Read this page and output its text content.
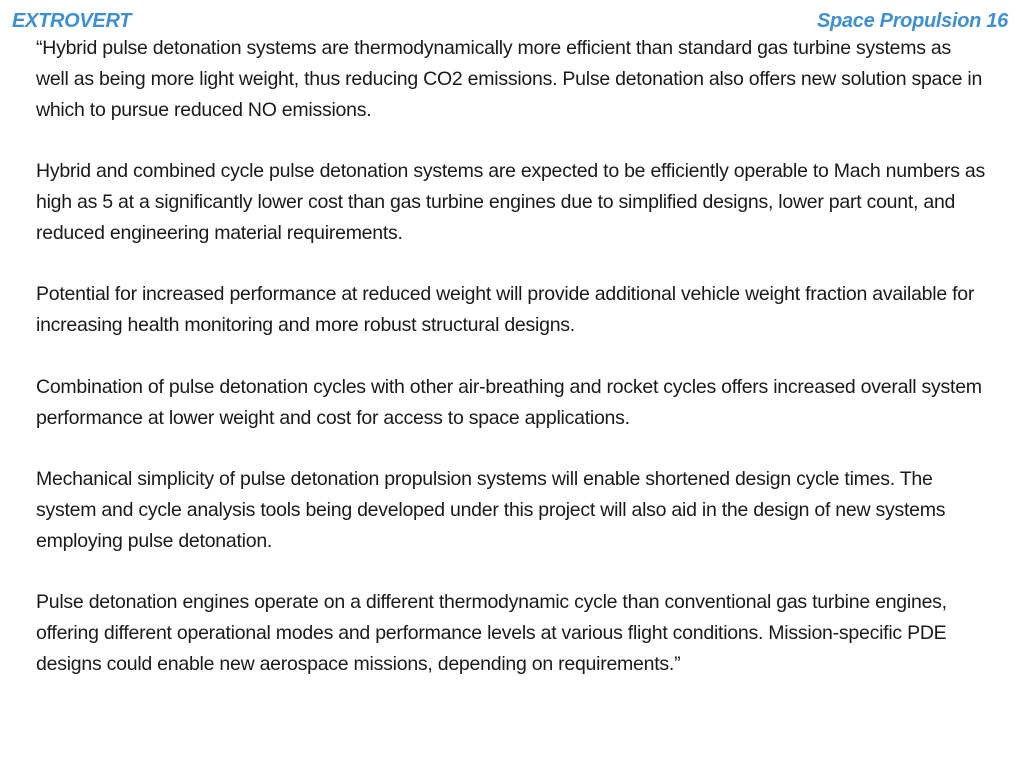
EXTROVERT	Space Propulsion 16

“Hybrid pulse detonation systems are thermodynamically more efficient than standard gas turbine systems as well as being more light weight, thus reducing CO2 emissions. Pulse detonation also offers new solution space in which to pursue reduced NO emissions.

Hybrid and combined cycle pulse detonation systems are expected to be efficiently operable to Mach numbers as high as 5 at a significantly lower cost than gas turbine engines due to simplified designs, lower part count, and reduced engineering material requirements.

Potential for increased performance at reduced weight will provide additional vehicle weight fraction available for increasing health monitoring and more robust structural designs.

Combination of pulse detonation cycles with other air-breathing and rocket cycles offers increased overall system performance at lower weight and cost for access to space applications.

Mechanical simplicity of pulse detonation propulsion systems will enable shortened design cycle times. The system and cycle analysis tools being developed under this project will also aid in the design of new systems employing pulse detonation.

Pulse detonation engines operate on a different thermodynamic cycle than conventional gas turbine engines, offering different operational modes and performance levels at various flight conditions. Mission-specific PDE designs could enable new aerospace missions, depending on requirements.”
